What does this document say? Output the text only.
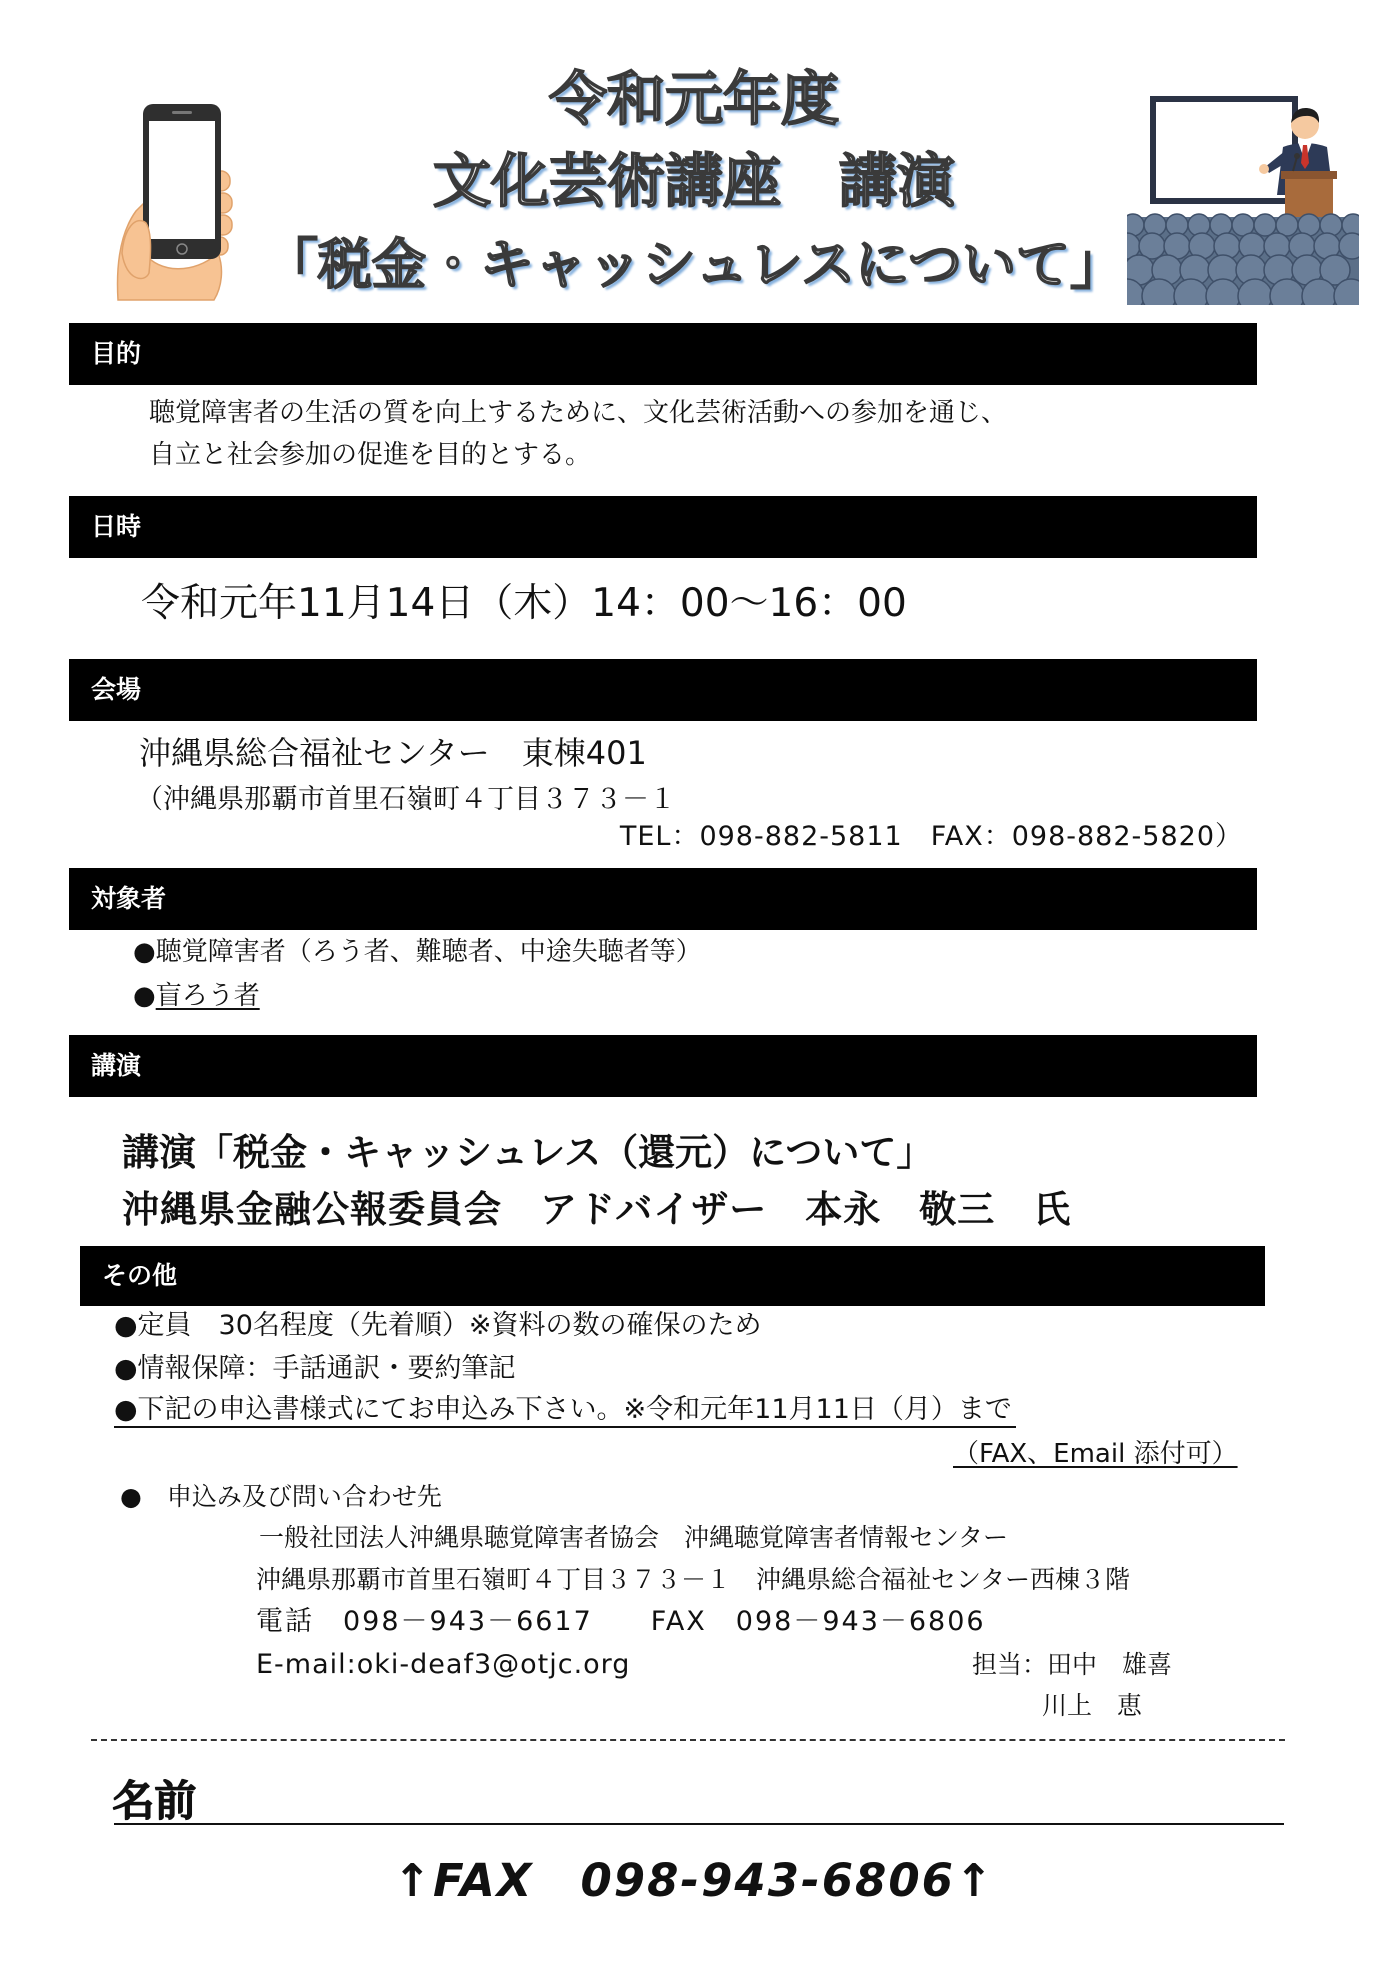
令和元年度
文化芸術講座　講演
「税金・キャッシュレスについて」
目的
聴覚障害者の生活の質を向上するために、文化芸術活動への参加を通じ、
自立と社会参加の促進を目的とする。
日時
令和元年11月14日（木）14：00～16：00
会場
沖縄県総合福祉センター　東棟401
（沖縄県那覇市首里石嶺町４丁目３７３－１
TEL：098-882-5811　FAX：098-882-5820）
対象者
●聴覚障害者（ろう者、難聴者、中途失聴者等）
●盲ろう者
講演
講演「税金・キャッシュレス（還元）について」
沖縄県金融公報委員会　アドバイザー　本永　敬三　氏
その他
●定員　30名程度（先着順）※資料の数の確保のため
●情報保障：手話通訳・要約筆記
●下記の申込書様式にてお申込み下さい。※令和元年11月11日（月）まで
（FAX、Email 添付可）
●　申込み及び問い合わせ先
一般社団法人沖縄県聴覚障害者協会　沖縄聴覚障害者情報センター
沖縄県那覇市首里石嶺町４丁目３７３－１　沖縄県総合福祉センター西棟３階
電話　098－943－6617　　FAX　098－943－6806
E-mail:oki-deaf3@otjc.org	担当：田中　雄喜
川上　恵
名前
↑FAX　098-943-6806↑
